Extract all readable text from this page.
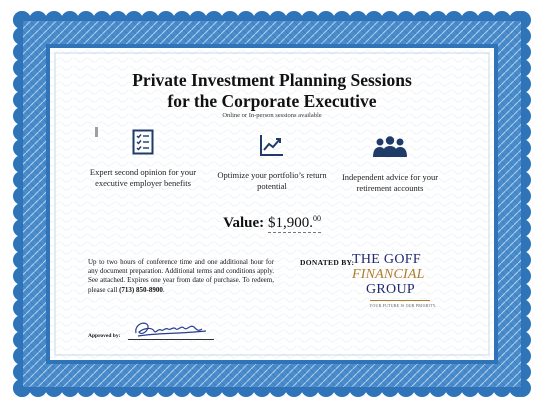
Private Investment Planning Sessions
for the Corporate Executive
Online or In-person sessions available
Expert second opinion for your executive employer benefits
Optimize your portfolio’s return potential
Independent advice for your retirement accounts
Value: $1,900.00
Up to two hours of conference time and one additional hour for any document preparation. Additional terms and conditions apply. See attached. Expires one year from date of purchase. To redeem, please call (713) 850-8900.
DONATED BY:
THE GOFF
FINANCIAL
GROUP
YOUR FUTURE IS OUR PRIORITY.
Approved by:
